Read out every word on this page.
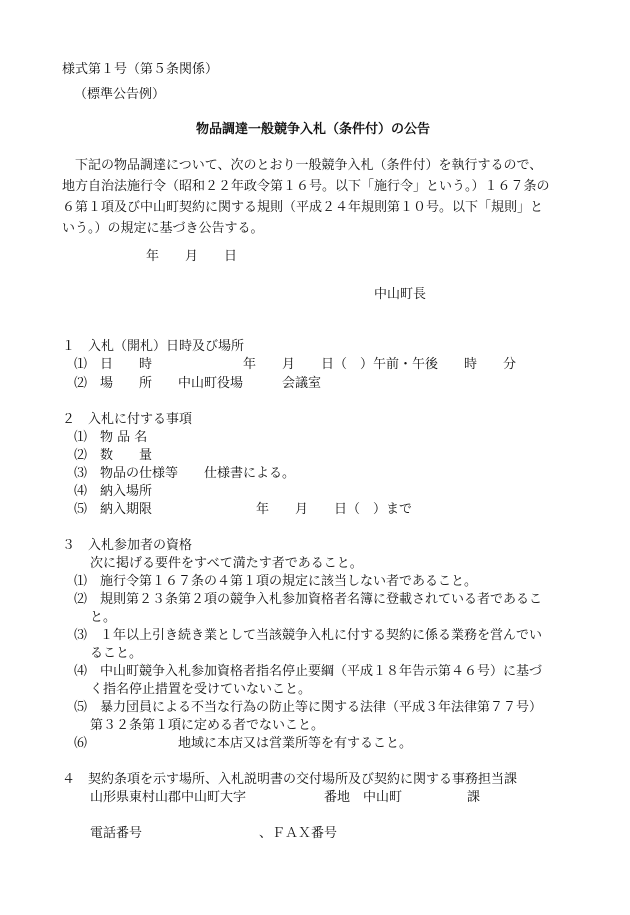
様式第１号（第５条関係）
（標準公告例）
物品調達一般競争入札（条件付）の公告
　下記の物品調達について、次のとおり一般競争入札（条件付）を執行するので、
地方自治法施行令（昭和２２年政令第１６号。以下「施行令」という。）１６７条の
６第１項及び中山町契約に関する規則（平成２４年規則第１０号。以下「規則」と
いう。）の規定に基づき公告する。
年　　月　　日
中山町長
１　入札（開札）日時及び場所
⑴　日　　時　　　　　　　年　　月　　日（　）午前・午後　　時　　分
⑵　場　　所　　中山町役場　　　会議室
２　入札に付する事項
⑴　物 品 名
⑵　数　　量
⑶　物品の仕様等　　仕様書による。
⑷　納入場所
⑸　納入期限　　　　　　　　年　　月　　日（　）まで
３　入札参加者の資格
次に掲げる要件をすべて満たす者であること。
⑴　施行令第１６７条の４第１項の規定に該当しない者であること。
⑵　規則第２３条第２項の競争入札参加資格者名簿に登載されている者であるこ
と。
⑶　１年以上引き続き業として当該競争入札に付する契約に係る業務を営んでい
ること。
⑷　中山町競争入札参加資格者指名停止要綱（平成１８年告示第４６号）に基づ
く指名停止措置を受けていないこと。
⑸　暴力団員による不当な行為の防止等に関する法律（平成３年法律第７７号）
第３２条第１項に定める者でないこと。
⑹　　　　　　　地域に本店又は営業所等を有すること。
４　契約条項を示す場所、入札説明書の交付場所及び契約に関する事務担当課
山形県東村山郡中山町大字　　　　　　番地　中山町　　　　　課
電話番号　　　　　　　　　、ＦＡＸ番号
